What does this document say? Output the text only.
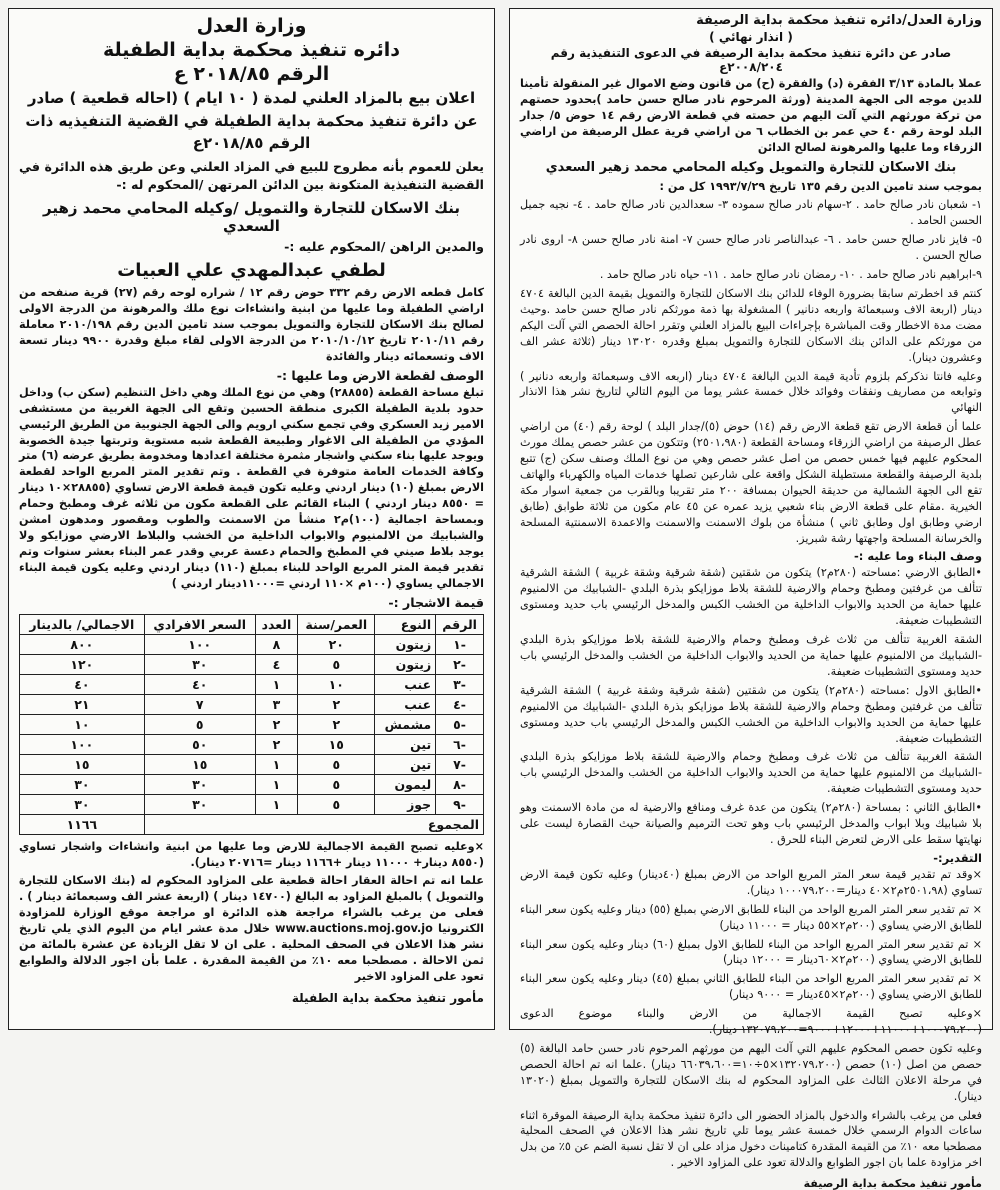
وزارة العدل
دائره تنفيذ محكمة بداية الطفيلة
الرقم ٢٠١٨/٨٥ ع
اعلان بيع بالمزاد العلني لمدة ( ١٠ ايام ) (احاله قطعية ) صادر عن دائرة تنفيذ محكمة بداية الطفيلة في القضية التنفيذيه ذات الرقم ٢٠١٨/٨٥ع
يعلن للعموم بأنه مطروح للبيع في المزاد العلني وعن طريق هذه الدائرة في القضية التنفيذية المتكونة بين الدائن المرتهن /المحكوم له :-
بنك الاسكان للتجارة والتمويل /وكيله المحامي محمد زهير السعدي
والمدين الراهن /المحكوم عليه :-
لطفي عبدالمهدي علي العبيات
كامل قطعه الارض رقم ٣٣٢ حوض رقم ١٢ / شراره لوحه رقم (٢٧) قرية صنفحه من اراضي الطفيلة وما عليها من ابنية وانشاءات نوع ملك والمرهونة من الدرجة الاولى لصالح بنك الاسكان للتجارة والتمويل بموجب سند تامين الدين رقم ٢٠١٠/١٩٨ معاملة رقم ٢٠١٠/١١ تاريخ ٢٠١٠/١٠/١٢ من الدرجة الاولى لقاء مبلغ وقدرة ٩٩٠٠ دينار تسعة الاف وتسعمائه دينار والفائدة
الوصف لقطعة الارض وما عليها :-
تبلغ مساحة القطعة (٢٨٨٥٥) وهي من نوع الملك وهي داخل التنظيم (سكن ب) وداخل حدود بلدية الطفيلة الكبرى منطقة الحسين وتقع الى الجهة الغربية من مستشفى الامير زيد العسكري وفي تجمع سكني ارويم والى الجهة الجنوبية من الطريق الرئيسي المؤدي من الطفيلة الى الاغوار وطبيعة القطعة شبه مستوية وتربتها جيدة الخصوبة ويوجد عليها بناء سكني واشجار مثمرة مختلفة اعدادها ومخدومة بطريق عرضه (٦) متر وكافة الخدمات العامة متوفرة في القطعة . وتم تقدير المتر المربع الواحد لقطعة الارض بمبلغ (١٠) دينار اردني وعليه تكون قيمة قطعة الارض تساوي (٢٨٨٥٥×١٠ دينار = ٨٥٥٠ دينار اردني ) البناء القائم على القطعة مكون من ثلاثه غرف ومطبخ وحمام وبمساحة اجمالية (١٠٠)م٢ منشأ من الاسمنت والطوب ومقصور ومدهون امشن والشبابيك من الالمنيوم والابواب الداخلية من الخشب والبلاط الارضي موزايكو ولا يوجد بلاط صيني في المطبخ والحمام دعسة عربي وقدر عمر البناء بعشر سنوات وتم تقدير قيمة المتر المربع الواحد للبناء بمبلغ (١١٠) دينار اردني وعليه يكون قيمة البناء الاجمالي يساوي (١٠٠م ×١١٠ اردني =١١٠٠٠دينار اردني )
قيمة الاشجار :-
الرقم	النوع	العمر/سنة	العدد	السعر الافرادي	الاجمالي/ بالدينار
-١	زيتون	٢٠	٨	١٠٠	٨٠٠
-٢	زيتون	٥	٤	٣٠	١٢٠
-٣	عنب	١٠	١	٤٠	٤٠
-٤	عنب	٢	٣	٧	٢١
-٥	مشمش	٢	٢	٥	١٠
-٦	تين	١٥	٢	٥٠	١٠٠
-٧	تين	٥	١	١٥	١٥
-٨	ليمون	٥	١	٣٠	٣٠
-٩	جوز	٥	١	٣٠	٣٠
المجموع					١١٦٦
×وعليه تصبح القيمة الاجمالية للارض وما عليها من ابنية وانشاءات واشجار تساوي (٨٥٥٠ دينار+ ١١٠٠٠ دينار +١١٦٦ دينار =٢٠٧١٦ دينار).
علما انه تم احالة العقار احالة قطعية على المزاود المحكوم له (بنك الاسكان للتجارة والتمويل ) بالمبلغ المزاود به البالغ (١٤٧٠٠ دينار ) (اربعة عشر الف وسبعمائة دينار ) . فعلى من يرغب بالشراء مراجعة هذه الدائرة او مراجعة موقع الوزارة للمزاودة الكترونيا www.auctions.moj.gov.jo خلال مدة عشر ايام من اليوم الذي يلي تاريخ نشر هذا الاعلان في الصحف المحلية . على ان لا تقل الزيادة عن عشرة بالمائة من ثمن الاحالة . مصطحبا معه ١٠٪ من القيمة المقدرة . علما بأن اجور الدلالة والطوابع تعود على المزاود الاخير
مأمور تنفيذ محكمة بداية الطفيلة
وزارة العدل/دائره تنفيذ محكمة بداية الرصيفة
( انذار نهائي )
صادر عن دائرة تنفيذ محكمة بداية الرصيفة في الدعوى التنفيذية رقم ٢٠٠٨/٢٠٤ع
عملا بالمادة ٣/١٣ الفقرة (د) والفقرة (ح) من قانون وضع الاموال غير المنقولة تأمينا للدين موجه الى الجهة المدينة (ورثة المرحوم نادر صالح حسن حامد )بحدود حصتهم من تركة مورثهم التي آلت اليهم من حصته في قطعة الارض رقم ١٤ حوض ٥/ جدار البلد لوحة رقم ٤٠ حي عمر بن الخطاب ٦ من اراضي قرية عطل الرصيفة من اراضي الزرقاء وما عليها والمرهونة لصالح الدائن
بنك الاسكان للتجارة والتمويل وكيله المحامي محمد زهير السعدي
بموجب سند تامين الدين رقم ١٣٥ تاريخ ١٩٩٣/٧/٢٩ كل من :
١- شعبان نادر صالح حامد . ٢-سهام نادر صالح سموده ٣- سعدالدين نادر صالح حامد . ٤- نجيه جميل الحسن الحامد .
٥- فايز نادر صالح حسن حامد . ٦- عبدالناصر نادر صالح حسن ٧- امنة نادر صالح حسن ٨- اروى نادر صالح الحسن .
٩-ابراهيم نادر صالح حامد . ١٠- رمضان نادر صالح حامد . ١١- حياه نادر صالح حامد .
كنتم قد اخطرتم سابقا بضرورة الوفاء للدائن بنك الاسكان للتجارة والتمويل بقيمة الدين البالغة ٤٧٠٤ دينار (اربعة الاف وسبعمائة واربعه دنانير ) المشغولة بها ذمة مورثكم نادر صالح حسن حامد .وحيث مضت مدة الاخطار وقت المباشرة بإجراءات البيع بالمزاد العلني وتقرر احالة الحصص التي آلت اليكم من مورثكم على الدائن بنك الاسكان للتجارة والتمويل بمبلغ وقدره ١٣٠٢٠ دينار (ثلاثة عشر الف وعشرون دينار).
وعليه فانتا نذكركم بلزوم تأدية قيمة الدين البالغة ٤٧٠٤ دينار (اربعه الاف وسبعمائة واربعه دنانير ) وتوابعه من مصاريف ونفقات وفوائد خلال خمسة عشر يوما من اليوم التالي لتاريخ نشر هذا الانذار النهائي
علما أن قطعة الارض تقع قطعة الارض رقم (١٤) حوض (٥)/جدار البلد ) لوحة رقم (٤٠) من اراضي عطل الرصيفة من اراضي الزرقاء ومساحة القطعة (٢٥٠١،٩٨٠) وتتكون من عشر حصص يملك مورث المحكوم عليهم فيها خمس حصص من اصل عشر حصص وهي من نوع الملك وصنف سكن (ج) تتبع بلدية الرصيفة والقطعة مستطيلة الشكل واقعة على شارعين تصلها خدمات المياه والكهرباء والهاتف تقع الى الجهة الشمالية من حديقة الحيوان بمسافة ٢٠٠ متر تقريبا وبالقرب من جمعية اسوار مكة الخيرية .مقام على قطعة الارض بناء شعبي يزيد عمره عن ٤٥ عام مكون من ثلاثة طوابق (طابق ارضي وطابق اول وطابق ثاني ) منشأة من بلوك الاسمنت والاسمنت والاعمدة الاسمنتية المسلحة والخرسانة المسلحة واجهتها رشة شبريز.
وصف البناء وما عليه :-
•الطابق الارضي :مساحته (٢٨٠م٢) يتكون من شقتين (شقة شرقية وشقة غربية ) الشقة الشرقية تتألف من غرفتين ومطبخ وحمام والارضية للشقة بلاط موزايكو بذرة البلدي -الشبابيك من الالمنيوم عليها حماية من الحديد والابواب الداخلية من الخشب الكبس والمدخل الرئيسي باب حديد ومستوى التشطيبات ضعيفة.
الشقة الغربية تتألف من ثلاث غرف ومطبخ وحمام والارضية للشقة بلاط موزايكو بذرة البلدي -الشبابيك من الالمنيوم عليها حماية من الحديد والابواب الداخلية من الخشب والمدخل الرئيسي باب حديد ومستوى التشطيبات ضعيفة.
•الطابق الاول :مساحته (٢٨٠م٢) يتكون من شقتين (شقة شرقية وشقة غربية ) الشقة الشرقية تتألف من غرفتين ومطبخ وحمام والارضية للشقة بلاط موزايكو بذرة البلدي -الشبابيك من الالمنيوم عليها حماية من الحديد والابواب الداخلية من الخشب الكبس والمدخل الرئيسي باب حديد ومستوى التشطيبات ضعيفة.
الشقة الغربية تتألف من ثلاث غرف ومطبخ وحمام والارضية للشقة بلاط موزايكو بذرة البلدي -الشبابيك من الالمنيوم عليها حماية من الحديد والابواب الداخلية من الخشب والمدخل الرئيسي باب حديد ومستوى التشطيبات ضعيفة.
•الطابق الثاني : بمساحة (٢٨٠م٢) يتكون من عدة غرف ومنافع والارضية له من مادة الاسمنت وهو بلا شبابيك وبلا ابواب والمدخل الرئيسي باب وهو تحت الترميم والصيانة حيث القصارة ليست على نهايتها سقط على الارض لتعرض البناء للحرق .
التقدير:-
×وقد تم تقدير قيمة سعر المتر المربع الواحد من الارض بمبلغ (٤٠دينار) وعليه تكون قيمة الارض تساوي (٢٥٠١،٩٨م٢×٤٠ دينار=١٠٠٠٧٩،٢٠٠ دينار).
× تم تقدير سعر المتر المربع الواحد من البناء للطابق الارضي بمبلغ (٥٥) دينار وعليه يكون سعر البناء للطابق الارضي يساوي (٢٠٠م٢×٥٥ دينار = ١١٠٠٠ دينار)
× تم تقدير سعر المتر المربع الواحد من البناء للطابق الاول بمبلغ (٦٠) دينار وعليه يكون سعر البناء للطابق الارضي يساوي (٢٠٠م٢×٦٠دينار = ١٢٠٠٠ دينار)
× تم تقدير سعر المتر المربع الواحد من البناء للطابق الثاني بمبلغ (٤٥) دينار وعليه يكون سعر البناء للطابق الارضي يساوي (٢٠٠م٢×٤٥دينار = ٩٠٠٠ دينار)
×وعليه تصبح القيمة الاجمالية من الارض والبناء موضوع الدعوى (١٠٠٠٧٩،٢٠٠+١١٠٠٠+١٢٠٠٠+٩٠٠٠=١٣٢٠٧٩،٢٠٠ دينار).
وعليه تكون حصص المحكوم عليهم التي آلت اليهم من مورثهم المرحوم نادر حسن حامد البالغة (٥) حصص من اصل (١٠) حصص (١٣٢٠٧٩،٢٠٠×٥÷١٠=٦٦٠٣٩،٦٠٠ دينار) .علما انه تم احالة الحصص في مرحلة الاعلان الثالث على المزاود المحكوم له بنك الاسكان للتجارة والتمويل بمبلغ (١٣٠٢٠ دينار).
فعلى من يرغب بالشراء والدخول بالمزاد الحضور الى دائرة تنفيذ محكمة بداية الرصيفة الموقرة اثناء ساعات الدوام الرسمي خلال خمسة عشر يوما تلي تاريخ نشر هذا الاعلان في الصحف المحلية مصطحبا معه ١٠٪ من القيمة المقدرة كتامينات دخول مزاد على ان لا تقل نسبة الضم عن ٥٪ من بدل اخر مزاودة علما بان اجور الطوابع والدلالة تعود على المزاود الاخير .
مأمور تنفيذ محكمة بداية الرصيفة
